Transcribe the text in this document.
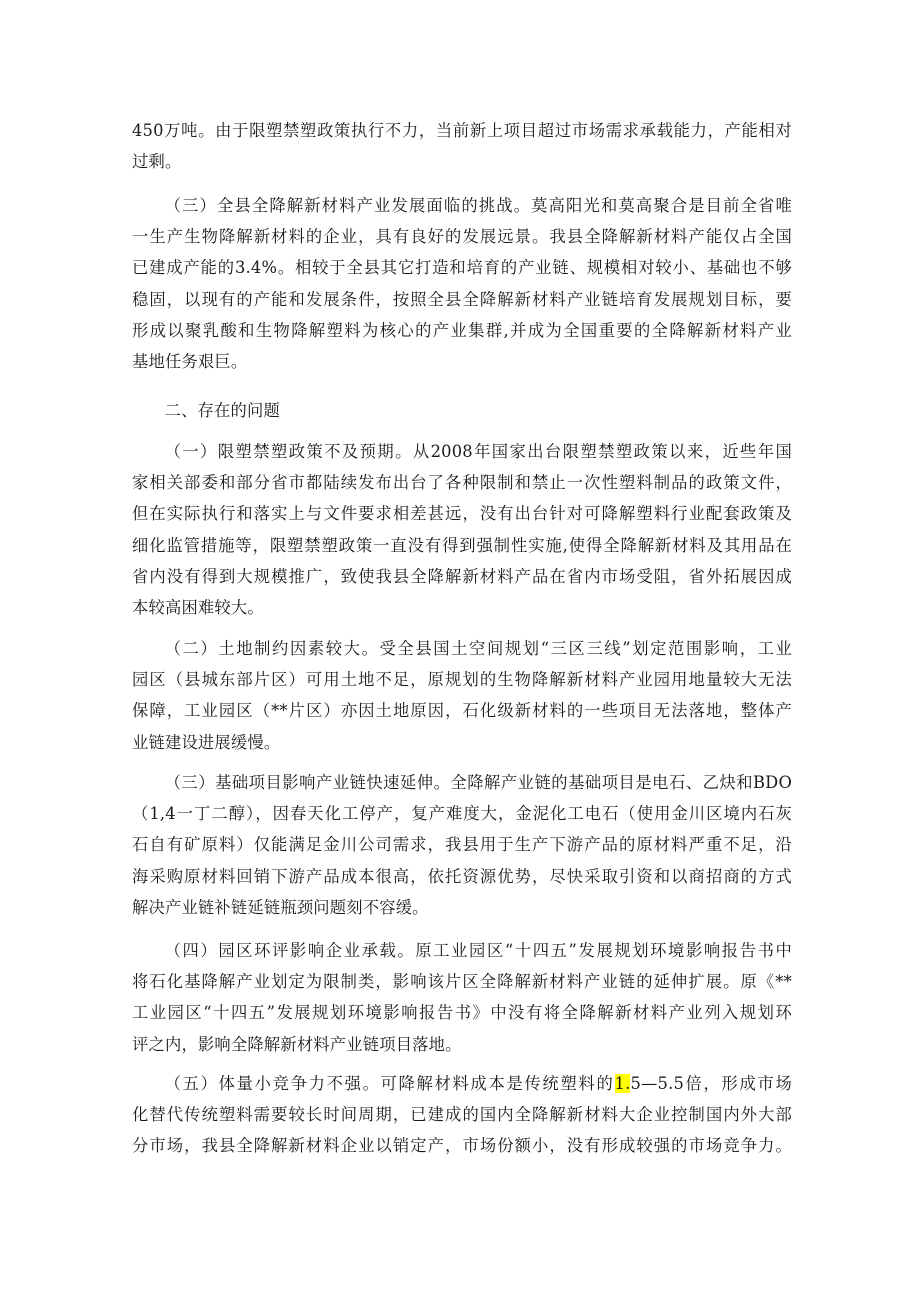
450万吨。由于限塑禁塑政策执行不力，当前新上项目超过市场需求承载能力，产能相对
过剩。
（三）全县全降解新材料产业发展面临的挑战。莫高阳光和莫高聚合是目前全省唯
一生产生物降解新材料的企业，具有良好的发展远景。我县全降解新材料产能仅占全国
已建成产能的3.4%。相较于全县其它打造和培育的产业链、规模相对较小、基础也不够
稳固，以现有的产能和发展条件，按照全县全降解新材料产业链培育发展规划目标，要
形成以聚乳酸和生物降解塑料为核心的产业集群,并成为全国重要的全降解新材料产业
基地任务艰巨。
二、存在的问题
（一）限塑禁塑政策不及预期。从2008年国家出台限塑禁塑政策以来，近些年国
家相关部委和部分省市都陆续发布出台了各种限制和禁止一次性塑料制品的政策文件，
但在实际执行和落实上与文件要求相差甚远，没有出台针对可降解塑料行业配套政策及
细化监管措施等，限塑禁塑政策一直没有得到强制性实施,使得全降解新材料及其用品在
省内没有得到大规模推广，致使我县全降解新材料产品在省内市场受阻，省外拓展因成
本较高困难较大。
（二）土地制约因素较大。受全县国土空间规划“三区三线”划定范围影响，工业
园区（县城东部片区）可用土地不足，原规划的生物降解新材料产业园用地量较大无法
保障，工业园区（**片区）亦因土地原因，石化级新材料的一些项目无法落地，整体产
业链建设进展缓慢。
（三）基础项目影响产业链快速延伸。全降解产业链的基础项目是电石、乙炔和BDO
（1,4一丁二醇），因春天化工停产，复产难度大，金泥化工电石（使用金川区境内石灰
石自有矿原料）仅能满足金川公司需求，我县用于生产下游产品的原材料严重不足，沿
海采购原材料回销下游产品成本很高，依托资源优势，尽快采取引资和以商招商的方式
解决产业链补链延链瓶颈问题刻不容缓。
（四）园区环评影响企业承载。原工业园区“十四五”发展规划环境影响报告书中
将石化基降解产业划定为限制类，影响该片区全降解新材料产业链的延伸扩展。原《**
工业园区“十四五”发展规划环境影响报告书》中没有将全降解新材料产业列入规划环
评之内，影响全降解新材料产业链项目落地。
（五）体量小竞争力不强。可降解材料成本是传统塑料的1.5—5.5倍，形成市场
化替代传统塑料需要较长时间周期，已建成的国内全降解新材料大企业控制国内外大部
分市场，我县全降解新材料企业以销定产，市场份额小，没有形成较强的市场竞争力。
